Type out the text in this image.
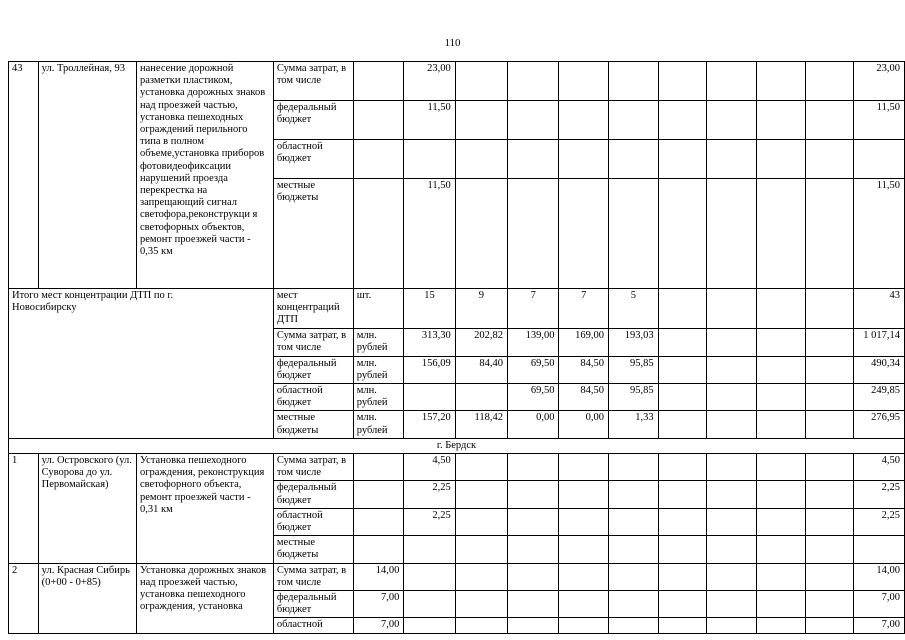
110
43	ул. Троллейная, 93	нанесение дорожной разметки пластиком, установка дорожных знаков над проезжей частью, установка пешеходных ограждений перильного типа в полном объеме,установка приборов фотовидеофиксации нарушений проезда перекрестка на запрещающий сигнал светофора,реконструкци я светофорных объектов, ремонт проезжей части - 0,35 км	Сумма затрат, в том числе		23,00									23,00
			федеральный бюджет		11,50									11,50
			областной бюджет											
			местные бюджеты		11,50									11,50
Итого мест концентрации ДТП по г. Новосибирску			мест концентраций ДТП	шт.	15	9	7	7	5					43
			Сумма затрат, в том числе	млн. рублей	313,30	202,82	139,00	169,00	193,03					1 017,14
			федеральный бюджет	млн. рублей	156,09	84,40	69,50	84,50	95,85					490,34
			областной бюджет	млн. рублей			69,50	84,50	95,85					249,85
			местные бюджеты	млн. рублей	157,20	118,42	0,00	0,00	1,33					276,95
г. Бердск														
1	ул. Островского (ул. Суворова до ул. Первомайская)	Установка пешеходного ограждения, реконструкция светофорного объекта, ремонт проезжей части - 0,31 км	Сумма затрат, в том числе		4,50									4,50
			федеральный бюджет		2,25									2,25
			областной бюджет		2,25									2,25
			местные бюджеты											
2	ул. Красная Сибирь (0+00 - 0+85)	Установка дорожных знаков над проезжей частью, установка пешеходного ограждения, установка	Сумма затрат, в том числе	14,00										14,00
			федеральный бюджет	7,00										7,00
			областной	7,00										7,00
